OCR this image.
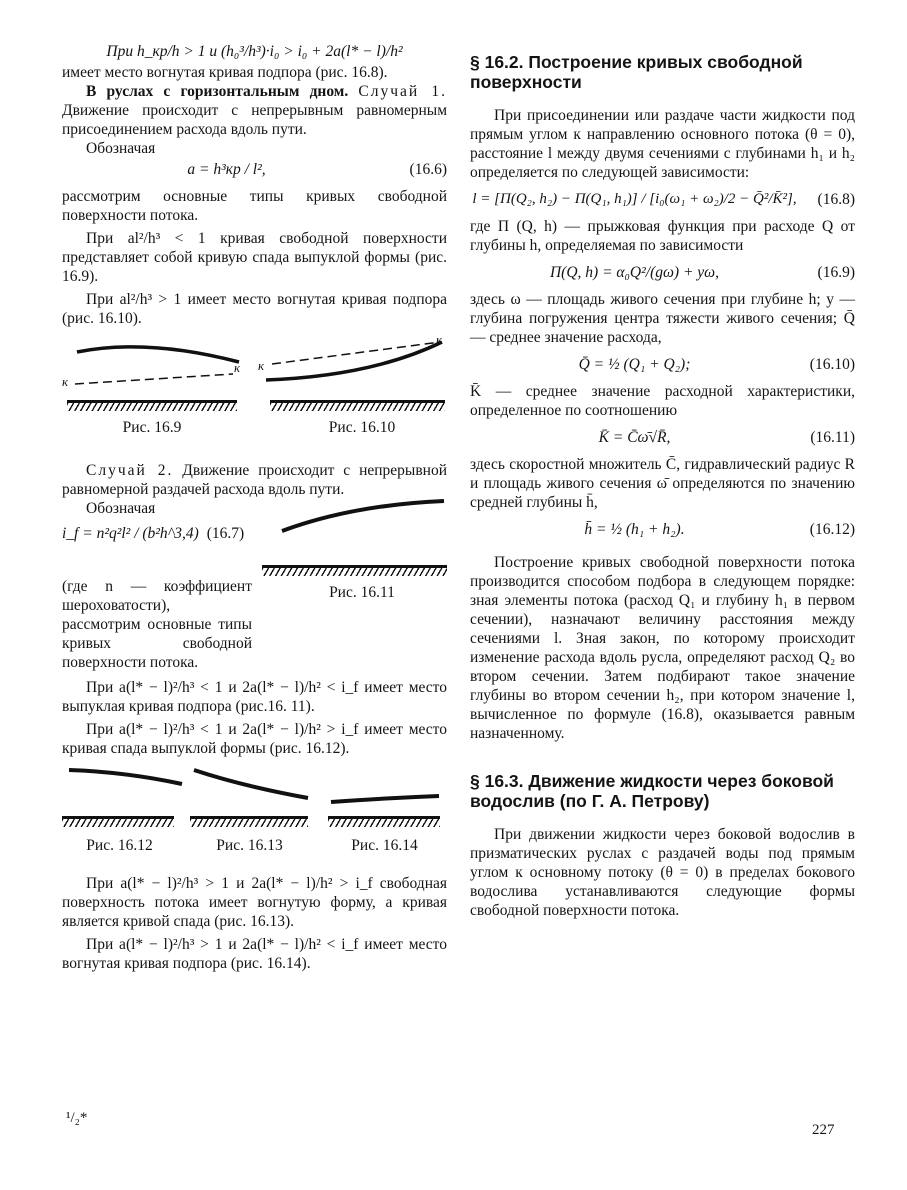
При h_кр/h > 1 и (h₀³/h³)·i₀ > i₀ + 2a(l* − l)/h²

имеет место вогнутая кривая подпора (рис. 16.8).

В руслах с горизонтальным дном. Случай 1. Движение происходит с непрерывным равномерным присоединением расхода вдоль пути.

Обозначая

a = h³кр / l²,	(16.6)

рассмотрим основные типы кривых свободной поверхности потока.

При al²/h³ < 1 кривая свободной поверхности представляет собой кривую спада выпуклой формы (рис. 16.9).

При al²/h³ > 1 имеет место вогнутая кривая подпора (рис. 16.10).

к
к к
к
Рис. 16.9	Рис. 16.10

Случай 2. Движение происходит с непрерывной равномерной раздачей расхода вдоль пути.

Обозначая

i_f = n²q²l² / (b²h^3,4) (16.7)
Рис. 16.11

(где n — коэффициент шероховатости), рассмотрим основные типы кривых свободной поверхности потока.

При a(l* − l)²/h³ < 1 и 2a(l* − l)/h² < i_f имеет место выпуклая кривая подпора (рис.16. 11).

При a(l* − l)²/h³ < 1 и 2a(l* − l)/h² > i_f имеет место кривая спада выпуклой формы (рис. 16.12).

Рис. 16.12	Рис. 16.13	Рис. 16.14

При a(l* − l)²/h³ > 1 и 2a(l* − l)/h² > i_f свободная поверхность потока имеет вогнутую форму, а кривая является кривой спада (рис. 16.13).

При a(l* − l)²/h³ > 1 и 2a(l* − l)/h² < i_f имеет место вогнутая кривая подпора (рис. 16.14).

§ 16.2. Построение кривых свободной поверхности

При присоединении или раздаче части жидкости под прямым углом к направлению основного потока (θ = 0), расстояние l между двумя сечениями с глубинами h₁ и h₂ определяется по следующей зависимости:

l = [П(Q₂, h₂) − П(Q₁, h₁)] / [i₀(ω₁ + ω₂)/2 − Q̄²/K̄²],	(16.8)

где П (Q, h) — прыжковая функция при расходе Q от глубины h, определяемая по зависимости

П(Q, h) = α₀Q²/(gω) + yω,	(16.9)

здесь ω — площадь живого сечения при глубине h; y — глубина погружения центра тяжести живого сечения; Q̄ — среднее значение расхода,

Q̄ = ½ (Q₁ + Q₂);	(16.10)

K̄ — среднее значение расходной характеристики, определенное по соотношению

K̄ = C̄ω̄√R̄,	(16.11)

здесь скоростной множитель C̄, гидравлический радиус R и площадь живого сечения ω̄ определяются по значению средней глубины h̄,

h̄ = ½ (h₁ + h₂).	(16.12)

Построение кривых свободной поверхности потока производится способом подбора в следующем порядке: зная элементы потока (расход Q₁ и глубину h₁ в первом сечении), назначают величину расстояния между сечениями l. Зная закон, по которому происходит изменение расхода вдоль русла, определяют расход Q₂ во втором сечении. Затем подбирают такое значение глубины во втором сечении h₂, при котором значение l, вычисленное по формуле (16.8), оказывается равным назначенному.

§ 16.3. Движение жидкости через боковой водослив (по Г. А. Петрову)

При движении жидкости через боковой водослив в призматических руслах с раздачей воды под прямым углом к основному потоку (θ = 0) в пределах бокового водослива устанавливаются следующие формы свободной поверхности потока.

¹/₂*
227
